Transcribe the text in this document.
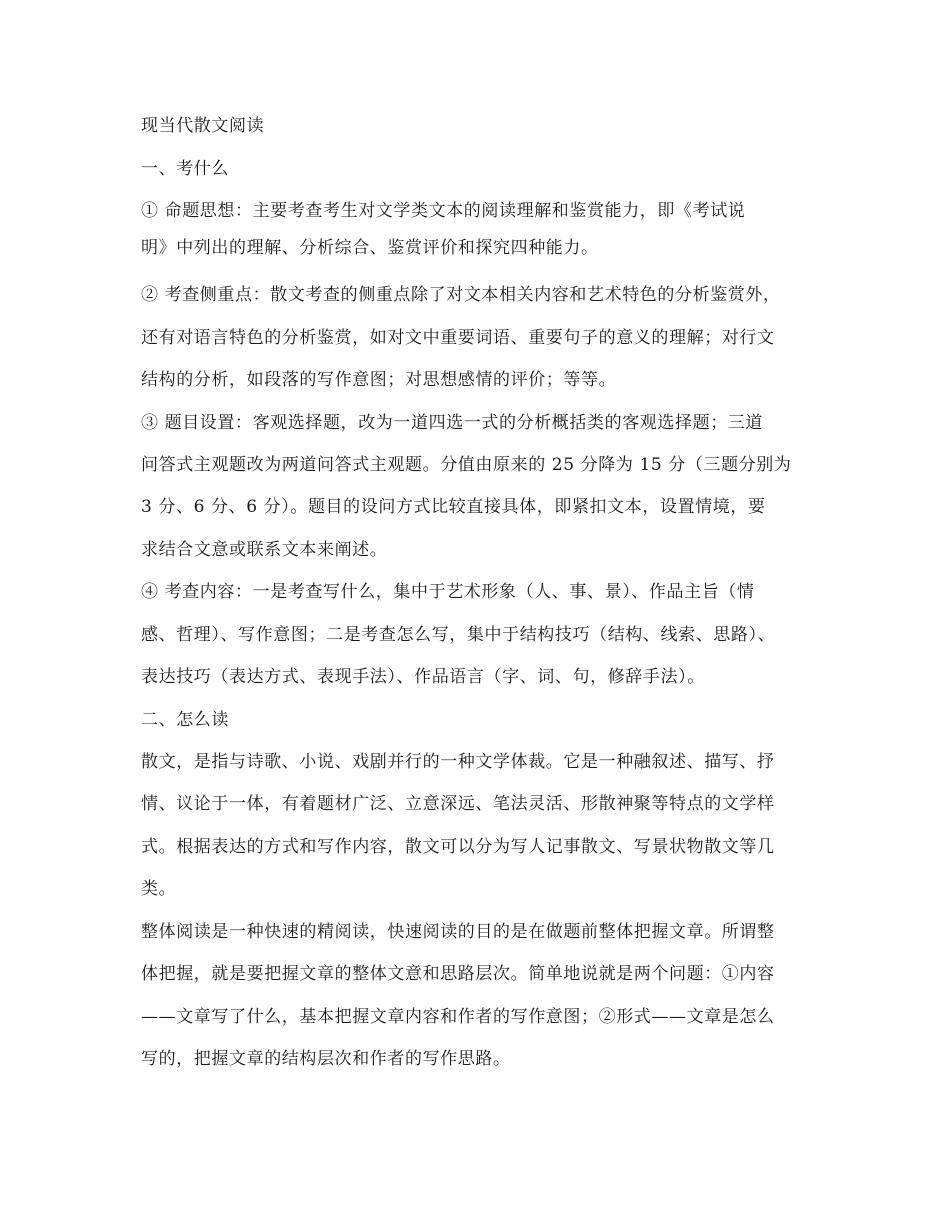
现当代散文阅读
一、考什么
① 命题思想：主要考查考生对文学类文本的阅读理解和鉴赏能力，即《考试说
明》中列出的理解、分析综合、鉴赏评价和探究四种能力。
② 考查侧重点：散文考查的侧重点除了对文本相关内容和艺术特色的分析鉴赏外，
还有对语言特色的分析鉴赏，如对文中重要词语、重要句子的意义的理解；对行文
结构的分析，如段落的写作意图；对思想感情的评价；等等。
③ 题目设置：客观选择题，改为一道四选一式的分析概括类的客观选择题；三道
问答式主观题改为两道问答式主观题。分值由原来的 25 分降为 15 分（三题分别为
3 分、6 分、6 分）。题目的设问方式比较直接具体，即紧扣文本，设置情境，要
求结合文意或联系文本来阐述。
④ 考查内容：一是考查写什么，集中于艺术形象（人、事、景）、作品主旨（情
感、哲理）、写作意图；二是考查怎么写，集中于结构技巧（结构、线索、思路）、
表达技巧（表达方式、表现手法）、作品语言（字、词、句，修辞手法）。
二、怎么读
散文，是指与诗歌、小说、戏剧并行的一种文学体裁。它是一种融叙述、描写、抒
情、议论于一体，有着题材广泛、立意深远、笔法灵活、形散神聚等特点的文学样
式。根据表达的方式和写作内容，散文可以分为写人记事散文、写景状物散文等几
类。
整体阅读是一种快速的精阅读，快速阅读的目的是在做题前整体把握文章。所谓整
体把握，就是要把握文章的整体文意和思路层次。简单地说就是两个问题：①内容
——文章写了什么，基本把握文章内容和作者的写作意图；②形式——文章是怎么
写的，把握文章的结构层次和作者的写作思路。
